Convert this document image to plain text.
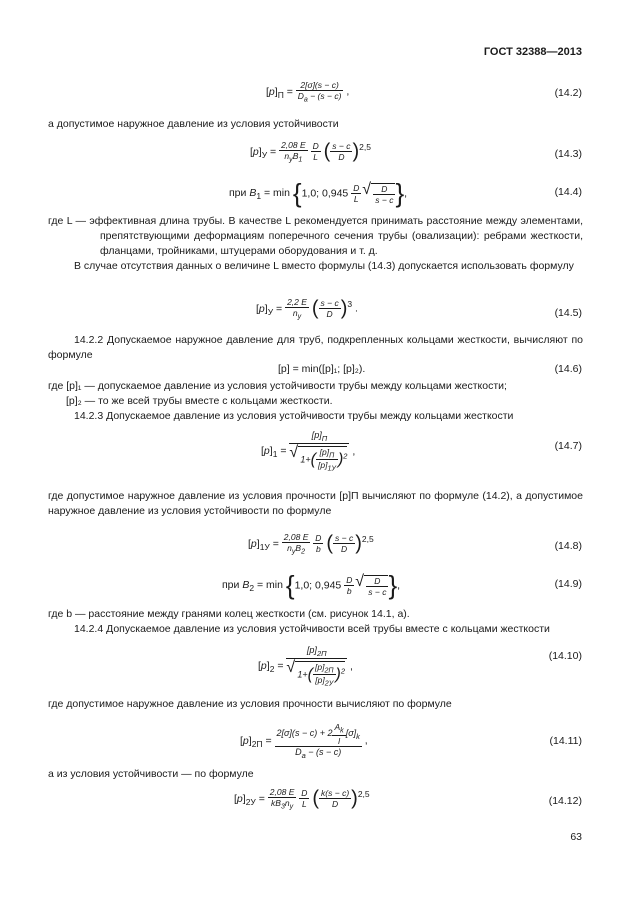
ГОСТ 32388—2013
$[p]_П = \frac{2[\sigma](s - c)}{D_а - (s - c)}$ ,	(14.2)
а допустимое наружное давление из условия устойчивости
$[p]_У = \frac{2,08 E}{n_уB_1}$
$\frac{D}{L}$ ( $\frac{s - c}{D} )^{2,5}$
(14.3)
при $B_1 = \min \{1,0$; $0,945 \frac{D}{L}$
√ $\frac{D}{s - c}$ },	(14.4)
где L — эффективная длина трубы. В качестве L рекомендуется принимать расстояние между элементами, препятствующими деформациям поперечного сечения трубы (овализации): ребрами жесткости, фланцами, тройниками, штуцерами оборудования и т. д.
В случае отсутствия данных о величине L вместо формулы (14.3) допускается использовать формулу
$[p]_У = \frac{2,2 E}{n_у}$ ( $\frac{s - c}{D} )^3$ .	(14.5)
14.2.2 Допускаемое наружное давление для труб, подкрепленных кольцами жесткости, вычисляют по формуле
[p] = min([p]₁; [p]₂).	(14.6)
где [p]₁ — допускаемое давление из условия устойчивости трубы между кольцами жесткости;
[p]₂ — то же всей трубы вместе с кольцами жесткости.
14.2.3 Допускаемое давление из условия устойчивости трубы между кольцами жесткости
$[p]_1 = [p]_П$
√ $1+( \frac{[p]_П}{[p]_{1У}} )^2$ ,	(14.7)
где допустимое наружное давление из условия прочности [p]П вычисляют по формуле (14.2), а допустимое наружное давление из условия устойчивости по формуле
$[p]_{1У} = \frac{2,08 E}{n_уB_2}$
$\frac{D}{b}$ ( $\frac{s - c}{D} )^{2,5}$
(14.8)
при $B_2 = \min \{1,0$; $0,945 \frac{D}{b}$
√ $\frac{D}{s - c}$ },	(14.9)
где b — расстояние между гранями колец жесткости (см. рисунок 14.1, а).
14.2.4 Допускаемое давление из условия устойчивости всей трубы вместе с кольцами жесткости
$[p]_2 = [p]_{2П}$
√ $1+( \frac{[p]_{2П}}{[p]_{2У}} )^2$ ,
(14.10)
где допустимое наружное давление из условия прочности вычисляют по формуле
$[p]_{2П} = \frac{2[\sigma](s - c) + 2 \frac{A_k}{l} [\sigma]_k}{D_а - (s - c)}$ ,	(14.11)
а из условия устойчивости — по формуле
$[p]_{2У} = \frac{2,08 E}{kB_3n_у}$
$\frac{D}{L}$ ( $\frac{k(s - c)}{D} )^{2,5}$
(14.12)
63
